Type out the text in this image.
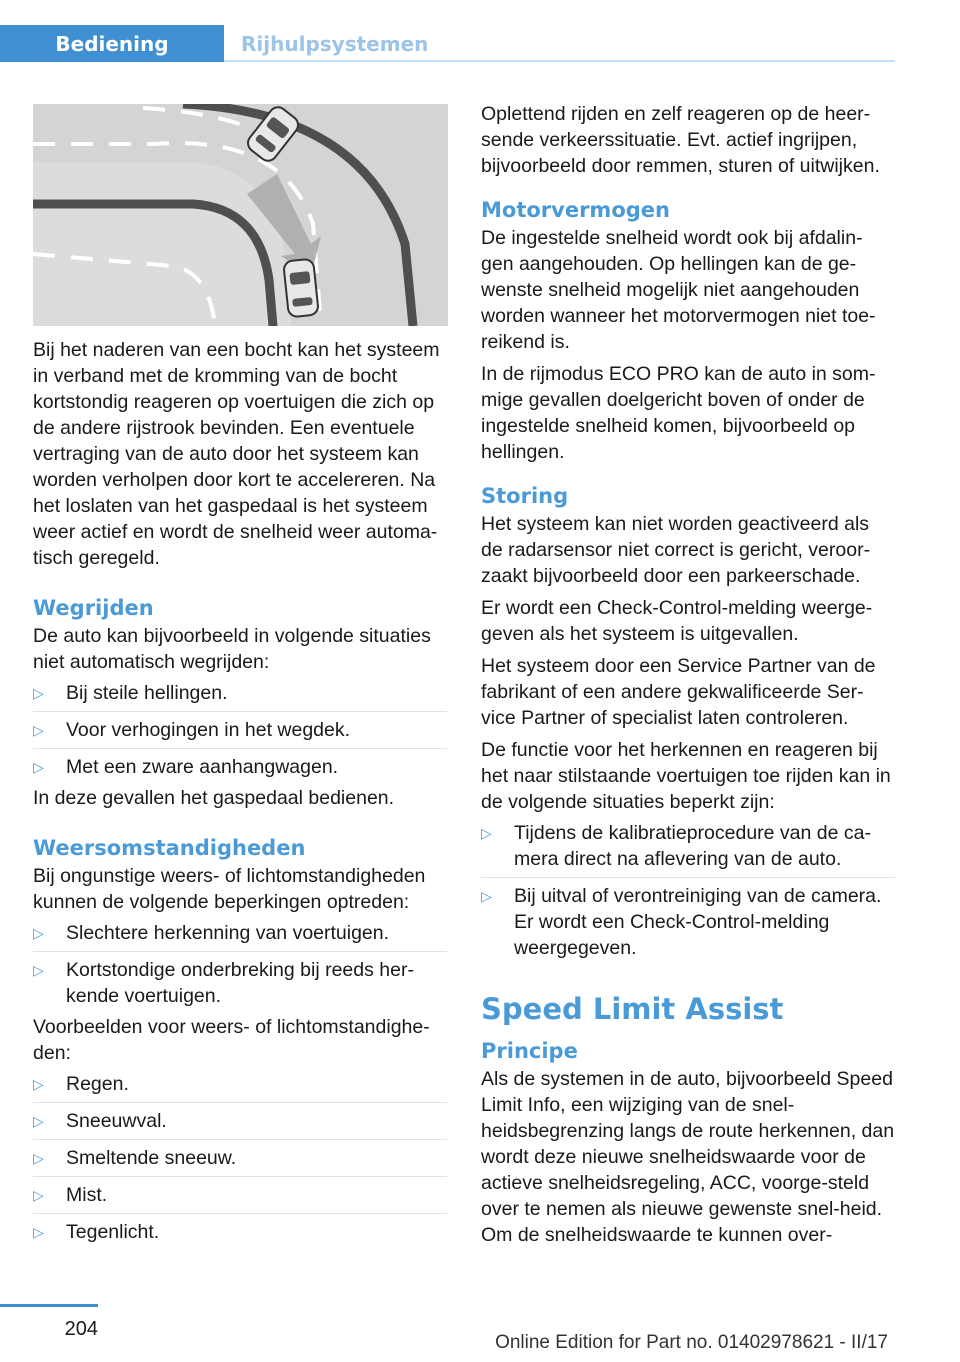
Bediening	Rijhulpsystemen

Bij het naderen van een bocht kan het systeem in verband met de kromming van de bocht kortstondig reageren op voertuigen die zich op de andere rijstrook bevinden. Een eventuele vertraging van de auto door het systeem kan worden verholpen door kort te accelereren. Na het loslaten van het gaspedaal is het systeem weer actief en wordt de snelheid weer automa‐tisch geregeld.

Wegrijden

De auto kan bijvoorbeeld in volgende situaties niet automatisch wegrijden:

▷ Bij steile hellingen.
▷ Voor verhogingen in het wegdek.
▷ Met een zware aanhangwagen.

In deze gevallen het gaspedaal bedienen.

Weersomstandigheden

Bij ongunstige weers- of lichtomstandigheden kunnen de volgende beperkingen optreden:

▷ Slechtere herkenning van voertuigen.
▷ Kortstondige onderbreking bij reeds her‐kende voertuigen.

Voorbeelden voor weers- of lichtomstandighe‐den:

▷ Regen.
▷ Sneeuwval.
▷ Smeltende sneeuw.
▷ Mist.
▷ Tegenlicht.

Oplettend rijden en zelf reageren op de heer‐sende verkeerssituatie. Evt. actief ingrijpen, bijvoorbeeld door remmen, sturen of uitwijken.

Motorvermogen

De ingestelde snelheid wordt ook bij afdalin‐gen aangehouden. Op hellingen kan de ge‐wenste snelheid mogelijk niet aangehouden worden wanneer het motorvermogen niet toe‐reikend is.

In de rijmodus ECO PRO kan de auto in som‐mige gevallen doelgericht boven of onder de ingestelde snelheid komen, bijvoorbeeld op hellingen.

Storing

Het systeem kan niet worden geactiveerd als de radarsensor niet correct is gericht, veroor‐zaakt bijvoorbeeld door een parkeerschade.

Er wordt een Check-Control-melding weerge‐geven als het systeem is uitgevallen.

Het systeem door een Service Partner van de fabrikant of een andere gekwalificeerde Ser‐vice Partner of specialist laten controleren.

De functie voor het herkennen en reageren bij het naar stilstaande voertuigen toe rijden kan in de volgende situaties beperkt zijn:

▷ Tijdens de kalibratieprocedure van de ca‐mera direct na aflevering van de auto.
▷ Bij uitval of verontreiniging van de camera. Er wordt een Check-Control-melding weergegeven.
Speed Limit Assist
Principe

Als de systemen in de auto, bijvoorbeeld Speed Limit Info, een wijziging van de snel‐heidsbegrenzing langs de route herkennen, dan wordt deze nieuwe snelheidswaarde voor de actieve snelheidsregeling, ACC, voorge‐steld over te nemen als nieuwe gewenste snel‐heid. Om de snelheidswaarde te kunnen over‐

204
Online Edition for Part no. 01402978621 - II/17
